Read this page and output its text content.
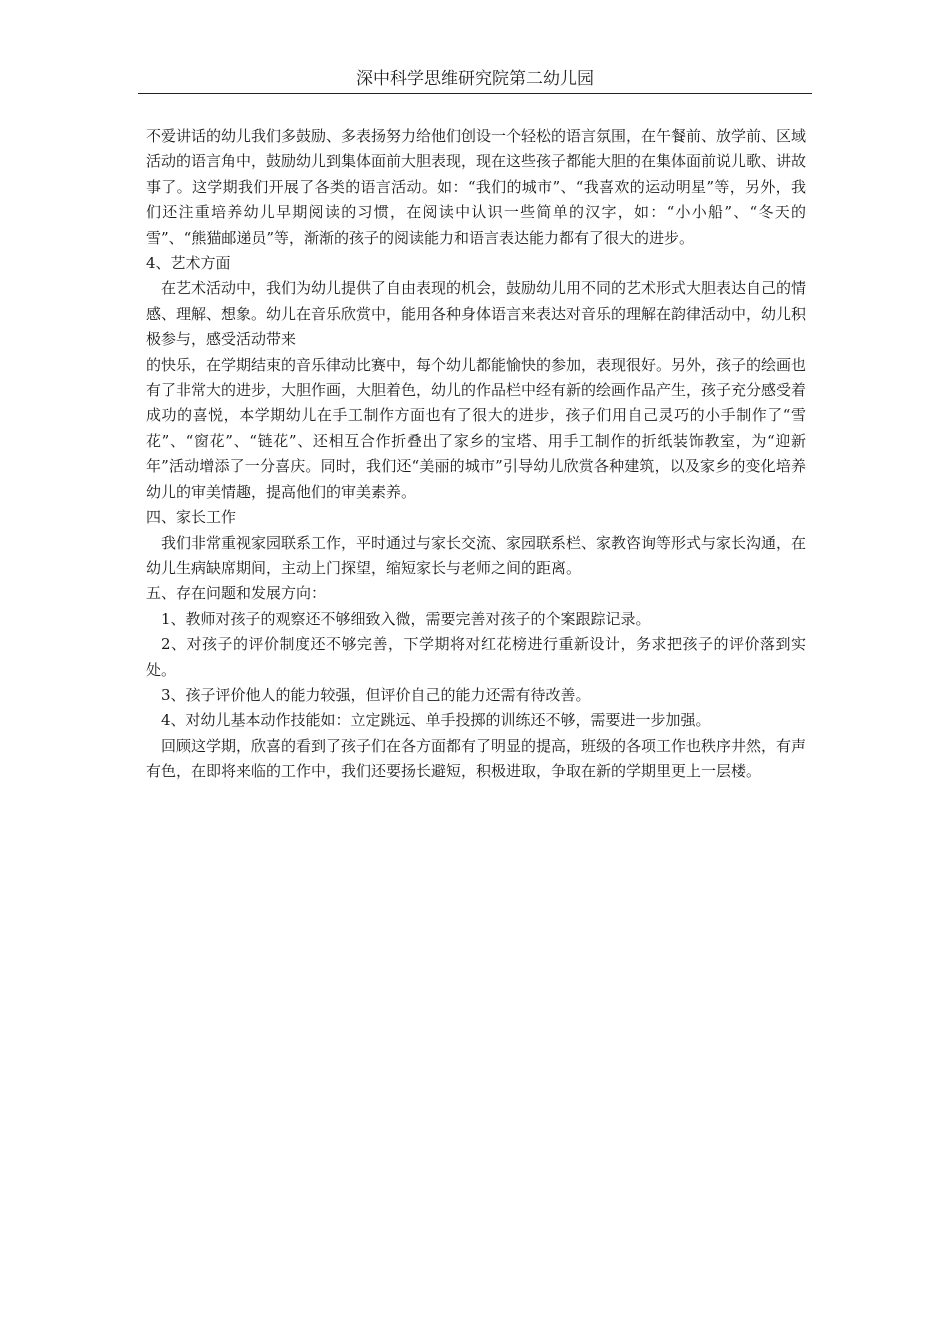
深中科学思维研究院第二幼儿园

不爱讲话的幼儿我们多鼓励、多表扬努力给他们创设一个轻松的语言氛围，在午餐前、放学前、区域活动的语言角中，鼓励幼儿到集体面前大胆表现，现在这些孩子都能大胆的在集体面前说儿歌、讲故事了。这学期我们开展了各类的语言活动。如：“我们的城市”、“我喜欢的运动明星”等，另外，我们还注重培养幼儿早期阅读的习惯，在阅读中认识一些简单的汉字，如：“小小船”、“冬天的雪”、“熊猫邮递员”等，渐渐的孩子的阅读能力和语言表达能力都有了很大的进步。

4、艺术方面

在艺术活动中，我们为幼儿提供了自由表现的机会，鼓励幼儿用不同的艺术形式大胆表达自己的情感、理解、想象。幼儿在音乐欣赏中，能用各种身体语言来表达对音乐的理解在韵律活动中，幼儿积极参与，感受活动带来

的快乐，在学期结束的音乐律动比赛中，每个幼儿都能愉快的参加，表现很好。另外，孩子的绘画也有了非常大的进步，大胆作画，大胆着色，幼儿的作品栏中经有新的绘画作品产生，孩子充分感受着成功的喜悦，本学期幼儿在手工制作方面也有了很大的进步，孩子们用自己灵巧的小手制作了“雪花”、“窗花”、“链花”、还相互合作折叠出了家乡的宝塔、用手工制作的折纸装饰教室，为“迎新年”活动增添了一分喜庆。同时，我们还“美丽的城市”引导幼儿欣赏各种建筑，以及家乡的变化培养幼儿的审美情趣，提高他们的审美素养。

四、家长工作

我们非常重视家园联系工作，平时通过与家长交流、家园联系栏、家教咨询等形式与家长沟通，在幼儿生病缺席期间，主动上门探望，缩短家长与老师之间的距离。

五、存在问题和发展方向：

1、教师对孩子的观察还不够细致入微，需要完善对孩子的个案跟踪记录。

2、对孩子的评价制度还不够完善，下学期将对红花榜进行重新设计，务求把孩子的评价落到实处。

3、孩子评价他人的能力较强，但评价自己的能力还需有待改善。

4、对幼儿基本动作技能如：立定跳远、单手投掷的训练还不够，需要进一步加强。

回顾这学期，欣喜的看到了孩子们在各方面都有了明显的提高，班级的各项工作也秩序井然，有声有色，在即将来临的工作中，我们还要扬长避短，积极进取，争取在新的学期里更上一层楼。
